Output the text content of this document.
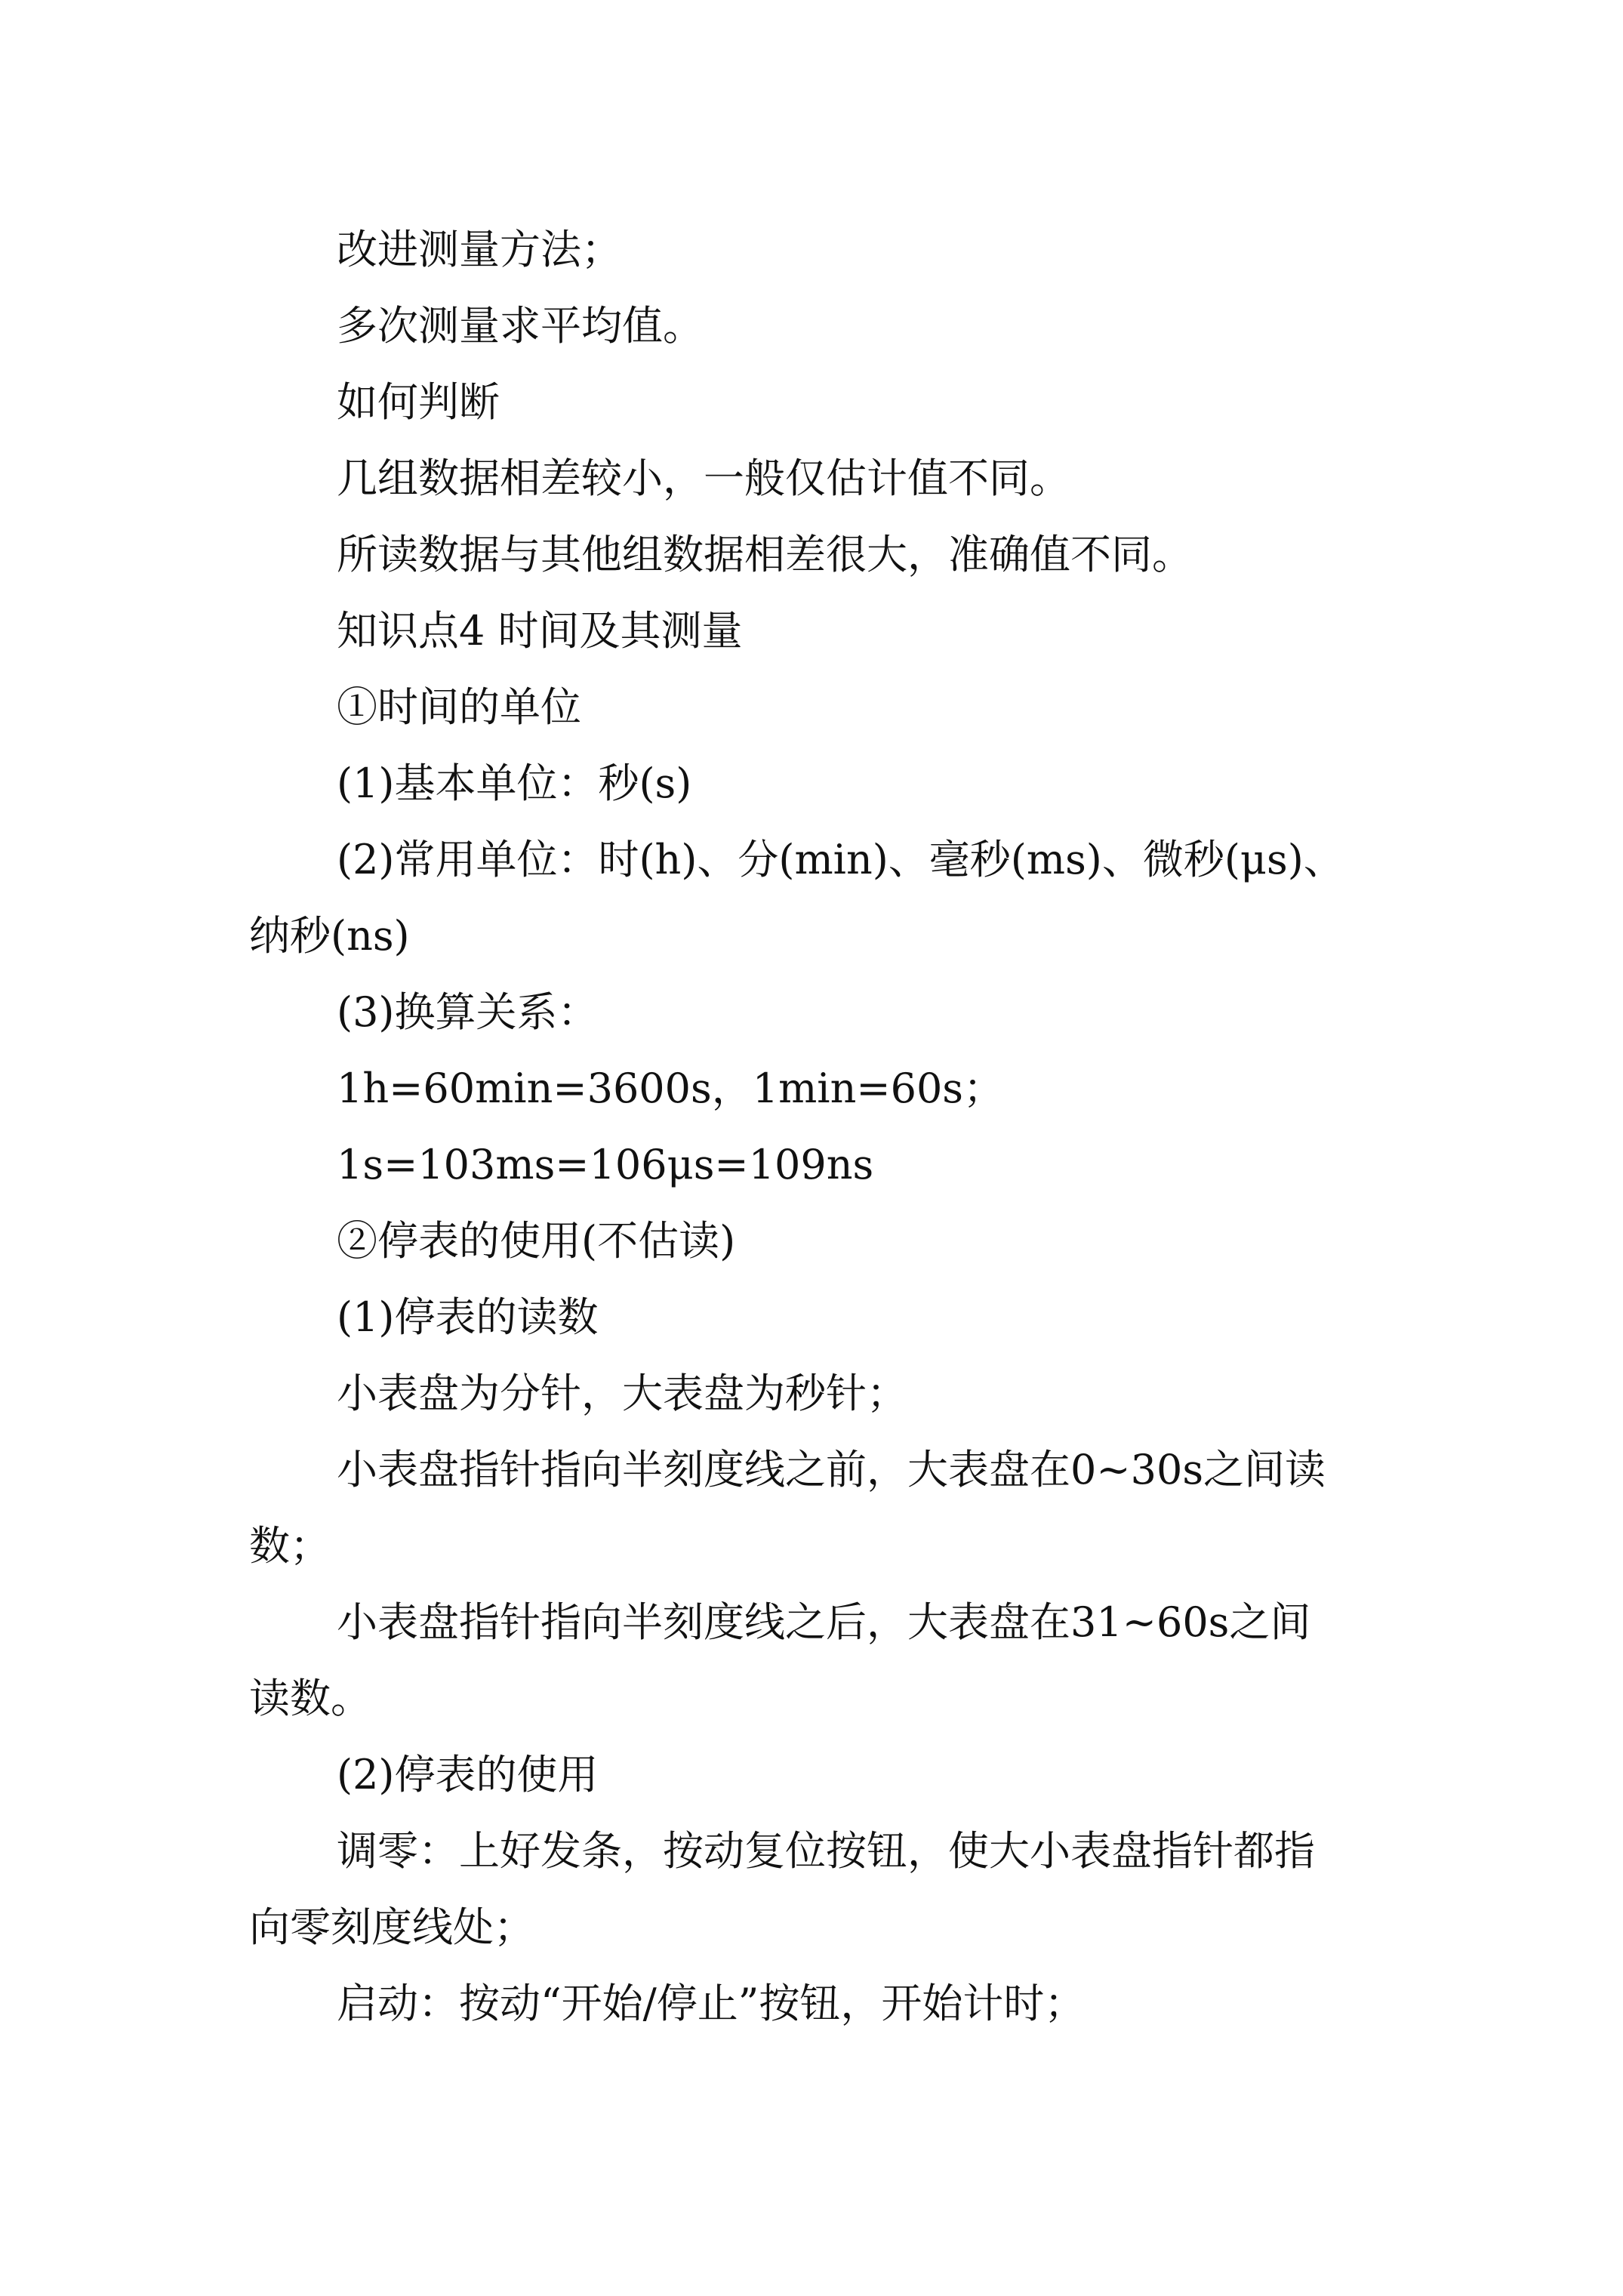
改进测量方法；
多次测量求平均值。
如何判断
几组数据相差较小，一般仅估计值不同。
所读数据与其他组数据相差很大，准确值不同。
知识点4 时间及其测量
①时间的单位
(1)基本单位：秒(s)
(2)常用单位：时(h)、分(min)、毫秒(ms)、微秒(μs)、
纳秒(ns)
(3)换算关系：
1h=60min=3600s，1min=60s；
1s=103ms=106μs=109ns
②停表的使用(不估读)
(1)停表的读数
小表盘为分针，大表盘为秒针；
小表盘指针指向半刻度线之前，大表盘在0~30s之间读
数；
小表盘指针指向半刻度线之后，大表盘在31~60s之间
读数。
(2)停表的使用
调零：上好发条，按动复位按钮，使大小表盘指针都指
向零刻度线处；
启动：按动“开始/停止”按钮，开始计时；
